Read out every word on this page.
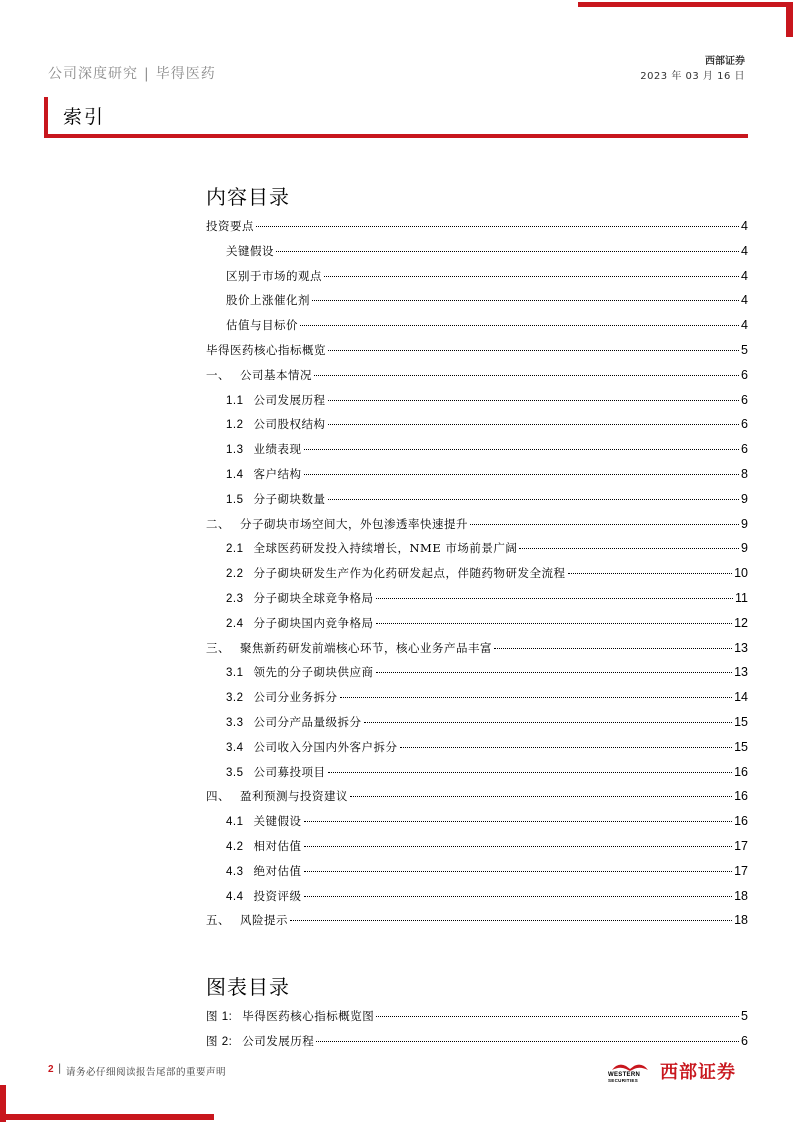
公司深度研究 | 毕得医药
西部证券
2023 年 03 月 16 日
索引
内容目录
投资要点	4
关键假设	4
区别于市场的观点	4
股价上涨催化剂	4
估值与目标价	4
毕得医药核心指标概览	5
一、 公司基本情况	6
1.1 公司发展历程	6
1.2 公司股权结构	6
1.3 业绩表现	6
1.4 客户结构	8
1.5 分子砌块数量	9
二、 分子砌块市场空间大，外包渗透率快速提升	9
2.1 全球医药研发投入持续增长，NME 市场前景广阔	9
2.2 分子砌块研发生产作为化药研发起点，伴随药物研发全流程	10
2.3 分子砌块全球竞争格局	11
2.4 分子砌块国内竞争格局	12
三、 聚焦新药研发前端核心环节，核心业务产品丰富	13
3.1 领先的分子砌块供应商	13
3.2 公司分业务拆分	14
3.3 公司分产品量级拆分	15
3.4 公司收入分国内外客户拆分	15
3.5 公司募投项目	16
四、 盈利预测与投资建议	16
4.1 关键假设	16
4.2 相对估值	17
4.3 绝对估值	17
4.4 投资评级	18
五、 风险提示	18
图表目录
图 1: 毕得医药核心指标概览图	5
图 2: 公司发展历程	6
2 | 请务必仔细阅读报告尾部的重要声明	WESTERN
SECURITIES 西部证券
